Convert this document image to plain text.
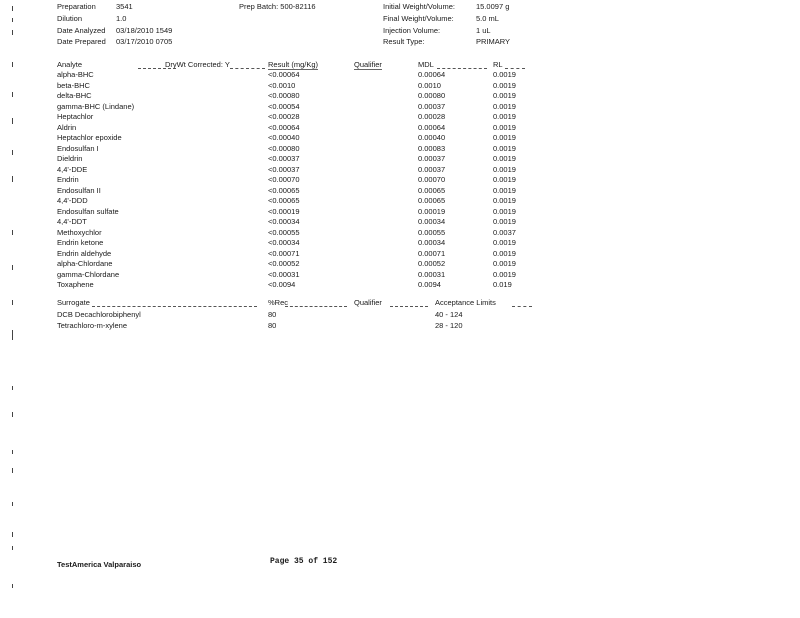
Preparation	3541
Dilution	1.0
Date Analyzed 03/18/2010 1549
Date Prepared 03/17/2010 0705
Prep Batch: 500-82116	Initial Weight/Volume:	15.0097 g
Final Weight/Volume:	5.0 mL
Injection Volume:	1 uL
Result Type:	PRIMARY
Analyte	DryWt Corrected: Y	Result (mg/Kg)	Qualifier	MDL	RL
alpha-BHC	<0.00064	0.00064	0.0019
beta-BHC	<0.0010	0.0010	0.0019
delta-BHC	<0.00080	0.00080	0.0019
gamma-BHC (Lindane)	<0.00054	0.00037	0.0019
Heptachlor	<0.00028	0.00028	0.0019
Aldrin	<0.00064	0.00064	0.0019
Heptachlor epoxide	<0.00040	0.00040	0.0019
Endosulfan I	<0.00080	0.00083	0.0019
Dieldrin	<0.00037	0.00037	0.0019
4,4'-DDE	<0.00037	0.00037	0.0019
Endrin	<0.00070	0.00070	0.0019
Endosulfan II	<0.00065	0.00065	0.0019
4,4'-DDD	<0.00065	0.00065	0.0019
Endosulfan sulfate	<0.00019	0.00019	0.0019
4,4'-DDT	<0.00034	0.00034	0.0019
Methoxychlor	<0.00055	0.00055	0.0037
Endrin ketone	<0.00034	0.00034	0.0019
Endrin aldehyde	<0.00071	0.00071	0.0019
alpha-Chlordane	<0.00052	0.00052	0.0019
gamma-Chlordane	<0.00031	0.00031	0.0019
Toxaphene	<0.0094	0.0094	0.019
Surrogate	%Rec	Qualifier	Acceptance Limits
DCB Decachlorobiphenyl	80	40 - 124
Tetrachloro-m-xylene	80	28 - 120
TestAmerica Valparaiso	Page 35 of 152
